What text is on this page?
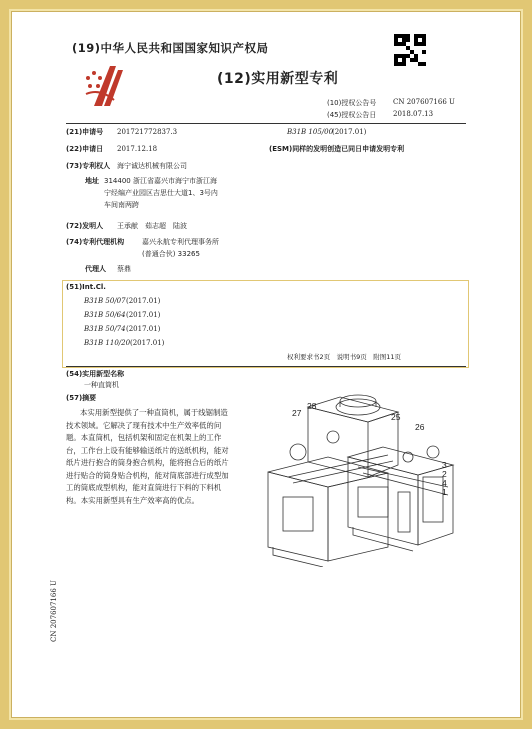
(19)中华人民共和国国家知识产权局
(12)实用新型专利
(10)授权公告号 CN 207607166 U
(45)授权公告日 2018.07.13
(21)申请号 201721772837.3
(22)申请日 2017.12.18
B31B 105/00
(2017.01)
(ESM)同样的发明创造已同日申请发明专利
(73)专利权人 海宁诚达机械有限公司
地址 314400 浙江省嘉兴市海宁市浙江海
宁经编产业园区吉思仕大道1、3号内
车间南两跨
(72)发明人 王承献　茹志超　陆波
(74)专利代理机构	嘉兴永航专利代理事务所
(普通合伙) 33265
代理人 蔡鼎
(51)Int.Cl.
B31B 50/07 (2017.01)
B31B 50/64 (2017.01)
B31B 50/74 (2017.01)
B31B 110/20 (2017.01)
权利要求书2页　说明书9页　附图11页
(54)实用新型名称
一种直筒机
(57)摘要
本实用新型提供了一种直筒机，属于线锯制造技术领域。它解决了现有技术中生产效率低的问题。本直筒机，包括机架和固定在机架上的工作台，工作台上设有能够输送纸片的送纸机构，能对纸片进行抱合的筒身抱合机构，能将抱合后的纸片进行贴合的筒身贴合机构，能对筒底部进行成型加工的筒底成型机构，能对直筒进行下料的下料机构。本实用新型具有生产效率高的优点。
27
28
25
26
3
2
4
1
CN 207607166 U
